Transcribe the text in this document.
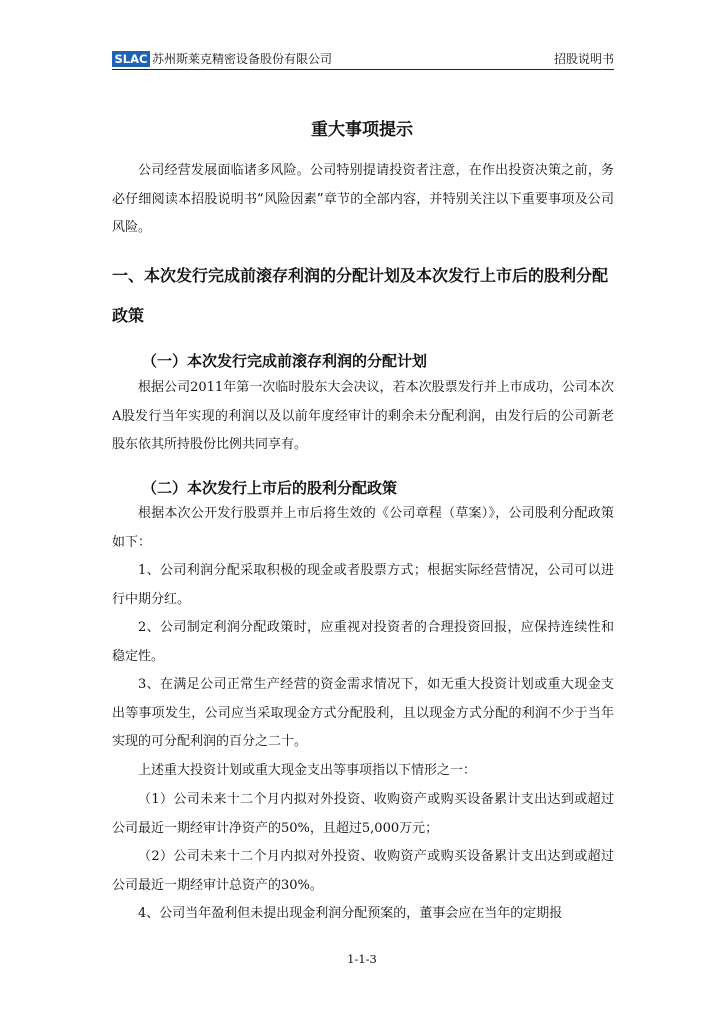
SLAC 苏州斯莱克精密设备股份有限公司	招股说明书
重大事项提示

公司经营发展面临诸多风险。公司特别提请投资者注意，在作出投资决策之前，务必仔细阅读本招股说明书“风险因素”章节的全部内容，并特别关注以下重要事项及公司风险。

一、本次发行完成前滚存利润的分配计划及本次发行上市后的股利分配政策
（一）本次发行完成前滚存利润的分配计划

根据公司2011年第一次临时股东大会决议，若本次股票发行并上市成功，公司本次A股发行当年实现的利润以及以前年度经审计的剩余未分配利润，由发行后的公司新老股东依其所持股份比例共同享有。

（二）本次发行上市后的股利分配政策

根据本次公开发行股票并上市后将生效的《公司章程（草案）》，公司股利分配政策如下：

1、公司利润分配采取积极的现金或者股票方式；根据实际经营情况，公司可以进行中期分红。

2、公司制定利润分配政策时，应重视对投资者的合理投资回报，应保持连续性和稳定性。

3、在满足公司正常生产经营的资金需求情况下，如无重大投资计划或重大现金支出等事项发生，公司应当采取现金方式分配股利，且以现金方式分配的利润不少于当年实现的可分配利润的百分之二十。

上述重大投资计划或重大现金支出等事项指以下情形之一：

（1）公司未来十二个月内拟对外投资、收购资产或购买设备累计支出达到或超过公司最近一期经审计净资产的50%，且超过5,000万元；

（2）公司未来十二个月内拟对外投资、收购资产或购买设备累计支出达到或超过公司最近一期经审计总资产的30%。

4、公司当年盈利但未提出现金利润分配预案的，董事会应在当年的定期报

1-1-3
